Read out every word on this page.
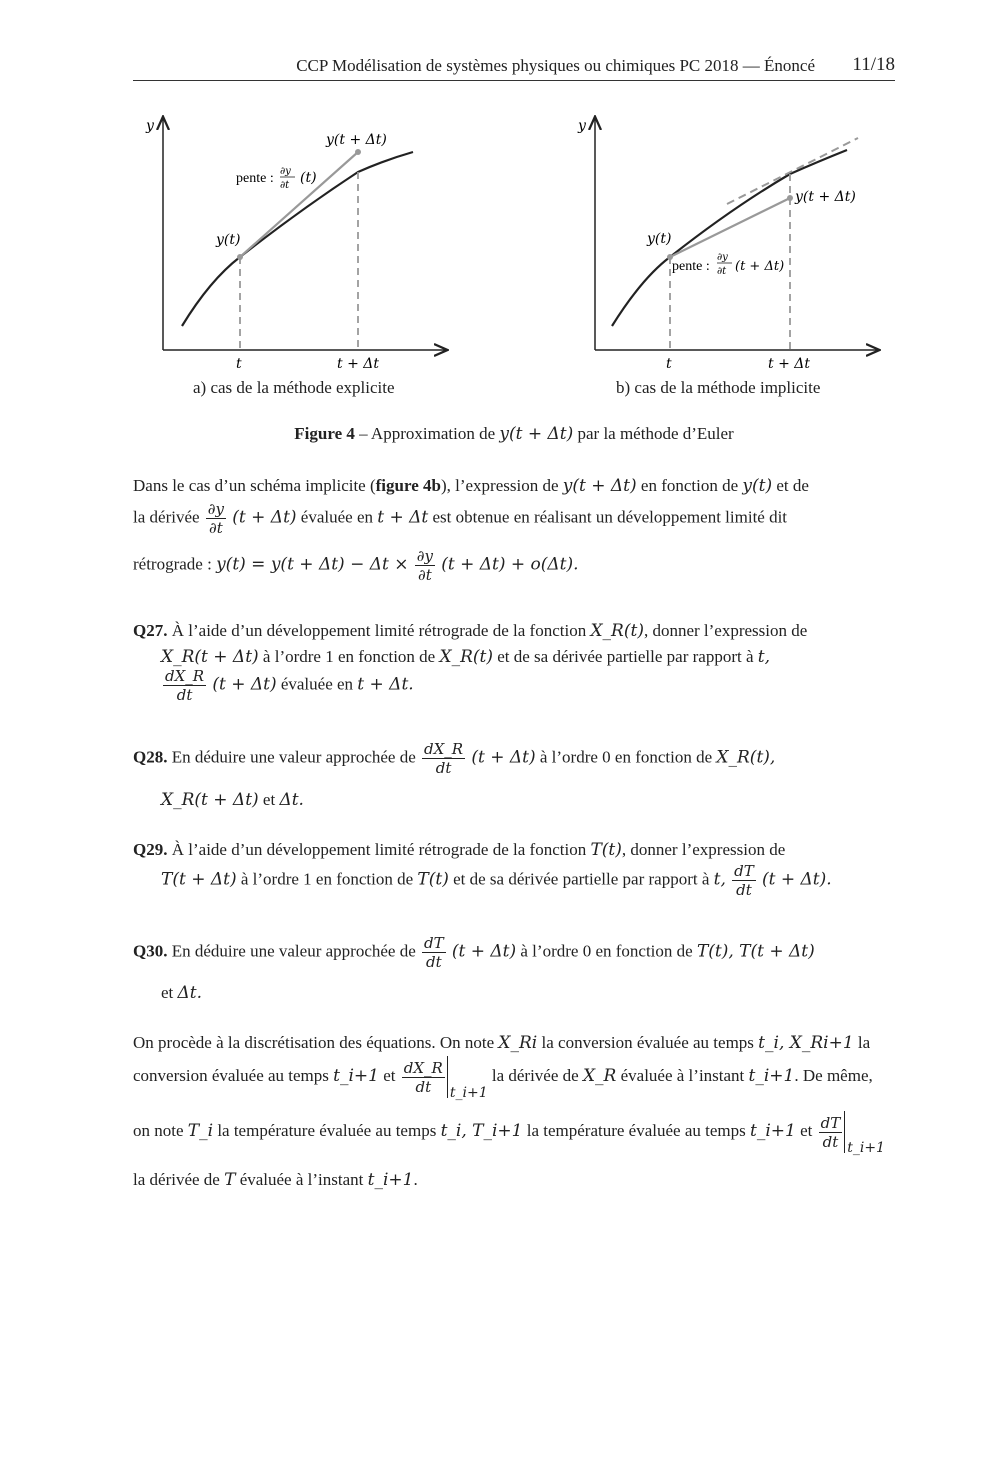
CCP Modélisation de systèmes physiques ou chimiques PC 2018 — Énoncé 11/18
y
y(t + Δt)
pente : ∂y
∂t (t)
y(t)
t	t + Δt
a) cas de la méthode explicite
y
y(t + Δt)
y(t)
pente :
∂y
∂t (t + Δt)
t	t + Δt
b) cas de la méthode implicite
Figure 4 – Approximation de y(t + Δt) par la méthode d’Euler
Dans le cas d’un schéma implicite (figure 4b), l’expression de y(t + Δt) en fonction de y(t) et de
la dérivée $\frac{\partial y}{\partial t} (t + \Delta t)$ évaluée en t + Δt est obtenue en réalisant un développement limité dit
rétrograde : $y(t) = y(t + \Delta t) - \Delta t \times \frac{\partial y}{\partial t} (t + \Delta t) + o(\Delta t)$.
Q27. À l’aide d’un développement limité rétrograde de la fonction X_R(t), donner l’expression de
X_R(t + Δt) à l’ordre 1 en fonction de X_R(t) et de sa dérivée partielle par rapport à t,
$\frac{dX\_R}{dt} (t + \Delta t)$ évaluée en t + Δt.
Q28. En déduire une valeur approchée de $\frac{dX\_R}{dt} (t + \Delta t)$ à l’ordre 0 en fonction de X_R(t),
X_R(t + Δt) et Δt.
Q29. À l’aide d’un développement limité rétrograde de la fonction T(t), donner l’expression de
T(t + Δt) à l’ordre 1 en fonction de T(t) et de sa dérivée partielle par rapport à t, $\frac{dT}{dt} (t + \Delta t)$.
Q30. En déduire une valeur approchée de $\frac{dT}{dt} (t + \Delta t)$ à l’ordre 0 en fonction de T(t), T(t + Δt)
et Δt.
On procède à la discrétisation des équations. On note X_Ri la conversion évaluée au temps t_i, X_Ri+1 la
conversion évaluée au temps t_i+1 et $\frac{dX\_R}{dt} _{t\_i+1}$ la dérivée de X_R évaluée à l’instant t_i+1. De même,
on note T_i la température évaluée au temps t_i, T_i+1 la température évaluée au temps t_i+1 et $\frac{dT}{dt} _{t\_i+1}$
la dérivée de T évaluée à l’instant t_i+1.
